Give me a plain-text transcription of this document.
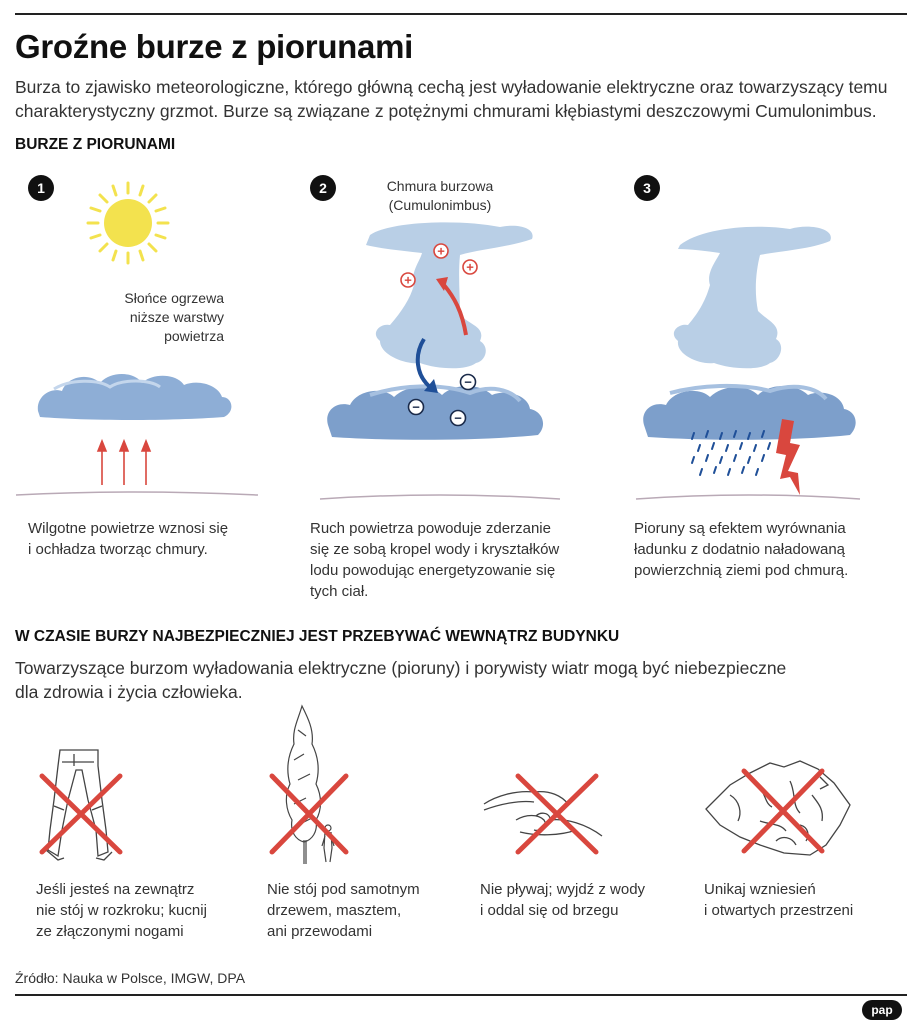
Groźne burze z piorunami
Burza to zjawisko meteorologiczne, którego główną cechą jest wyładowanie elektryczne oraz towarzyszący temu charakterystyczny grzmot. Burze są związane z potężnymi chmurami kłębiastymi deszczowymi Cumulonimbus.
BURZE Z PIORUNAMI
1	2	3
Słońce ogrzewa
niższe warstwy
powietrza
Chmura burzowa
(Cumulonimbus)
+
+
+
−
−
−
Wilgotne powietrze wznosi się
i ochładza tworząc chmury.
Ruch powietrza powoduje zderzanie
się ze sobą kropel wody i kryształków
lodu powodując energetyzowanie się
tych ciał.
Pioruny są efektem wyrównania
ładunku z dodatnio naładowaną
powierzchnią ziemi pod chmurą.
W CZASIE BURZY NAJBEZPIECZNIEJ JEST PRZEBYWAĆ WEWNĄTRZ BUDYNKU
Towarzyszące burzom wyładowania elektryczne (pioruny) i porywisty wiatr mogą być niebezpieczne
dla zdrowia i życia człowieka.
Jeśli jesteś na zewnątrz
nie stój w rozkroku; kucnij
ze złączonymi nogami
Nie stój pod samotnym
drzewem, masztem,
ani przewodami
Nie pływaj; wyjdź z wody
i oddal się od brzegu
Unikaj wzniesień
i otwartych przestrzeni
Źródło: Nauka w Polsce, IMGW, DPA
pap
